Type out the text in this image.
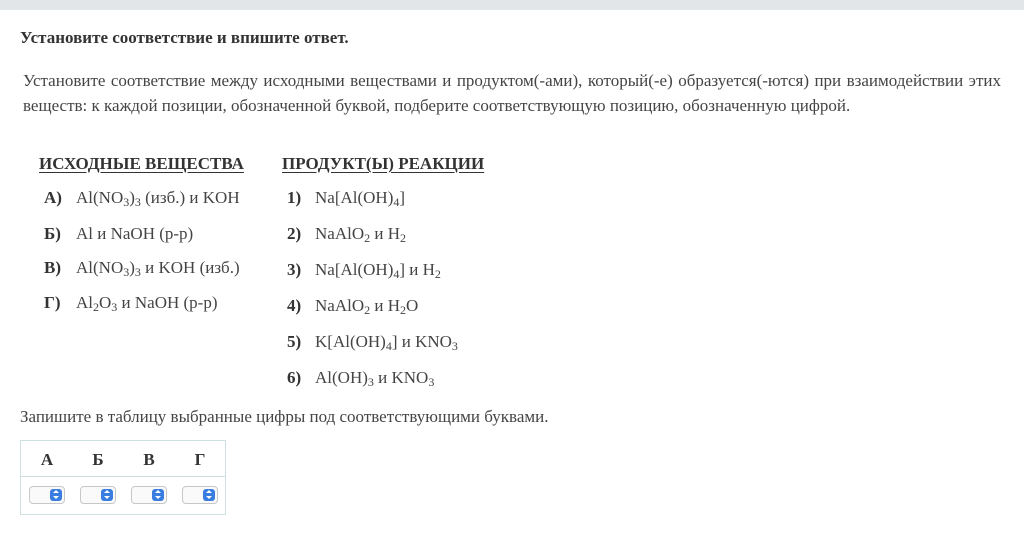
Установите соответствие и впишите ответ.
Установите соответствие между исходными веществами и продуктом(-ами), который(-е) образуется(-ются) при взаимодействии этих веществ: к каждой позиции, обозначенной буквой, подберите соответствующую позицию, обозначенную цифрой.
ИСХОДНЫЕ ВЕЩЕСТВА ПРОДУКТ(Ы) РЕАКЦИИ
А) $Al(NO_3)_3$ (изб.) и KOH
Б) Al и NaOH (р-р)
В) $Al(NO_3)_3$ и KOH (изб.)
Г) $Al_2O_3$ и NaOH (р-р)
1) $Na[Al(OH)_4]$
2) NaAlO$_2$ и $H_2$
3) $Na[Al(OH)_4]$ и $H_2$
4) NaAlO$_2$ и $H_2O$
5) $K[Al(OH)_4]$ и $KNO_3$
6) $Al(OH)_3$ и $KNO_3$
Запишите в таблицу выбранные цифры под соответствующими буквами.
А	Б	В	Г
